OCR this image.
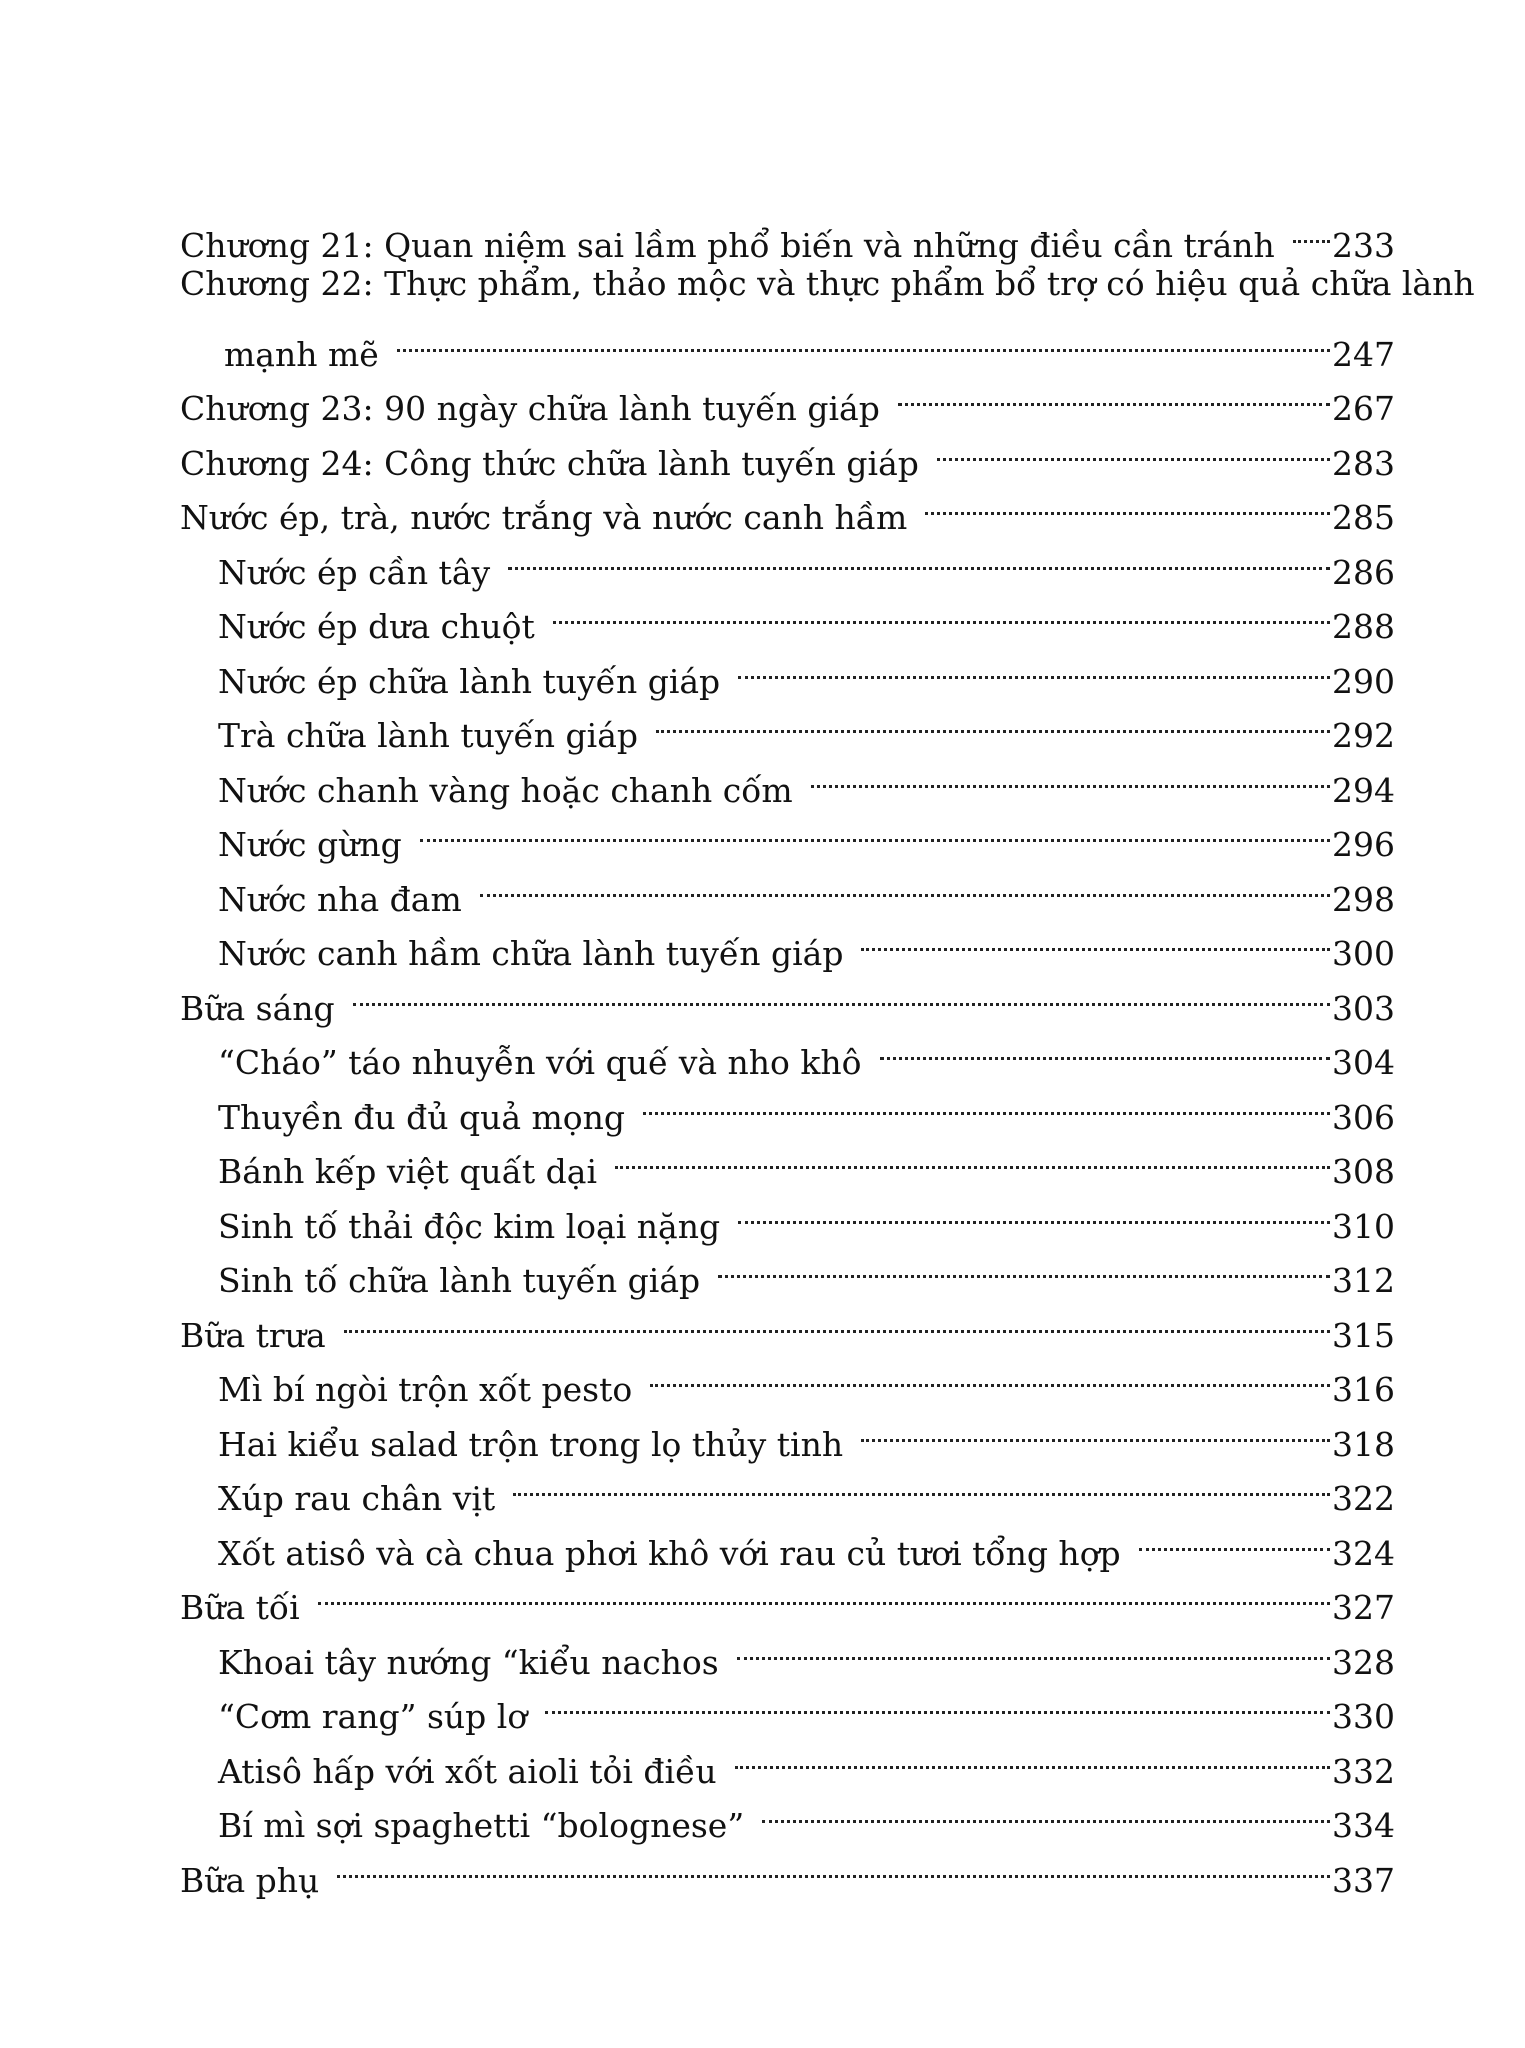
Chương 21: Quan niệm sai lầm phổ biến và những điều cần tránh	233
Chương 22: Thực phẩm, thảo mộc và thực phẩm bổ trợ có hiệu quả chữa lành
mạnh mẽ	247
Chương 23: 90 ngày chữa lành tuyến giáp	267
Chương 24: Công thức chữa lành tuyến giáp	283
Nước ép, trà, nước trắng và nước canh hầm	285
Nước ép cần tây	286
Nước ép dưa chuột	288
Nước ép chữa lành tuyến giáp	290
Trà chữa lành tuyến giáp	292
Nước chanh vàng hoặc chanh cốm	294
Nước gừng	296
Nước nha đam	298
Nước canh hầm chữa lành tuyến giáp	300
Bữa sáng	303
“Cháo” táo nhuyễn với quế và nho khô	304
Thuyền đu đủ quả mọng	306
Bánh kếp việt quất dại	308
Sinh tố thải độc kim loại nặng	310
Sinh tố chữa lành tuyến giáp	312
Bữa trưa	315
Mì bí ngòi trộn xốt pesto	316
Hai kiểu salad trộn trong lọ thủy tinh	318
Xúp rau chân vịt	322
Xốt atisô và cà chua phơi khô với rau củ tươi tổng hợp	324
Bữa tối	327
Khoai tây nướng “kiểu nachos	328
“Cơm rang” súp lơ	330
Atisô hấp với xốt aioli tỏi điều	332
Bí mì sợi spaghetti “bolognese”	334
Bữa phụ	337
